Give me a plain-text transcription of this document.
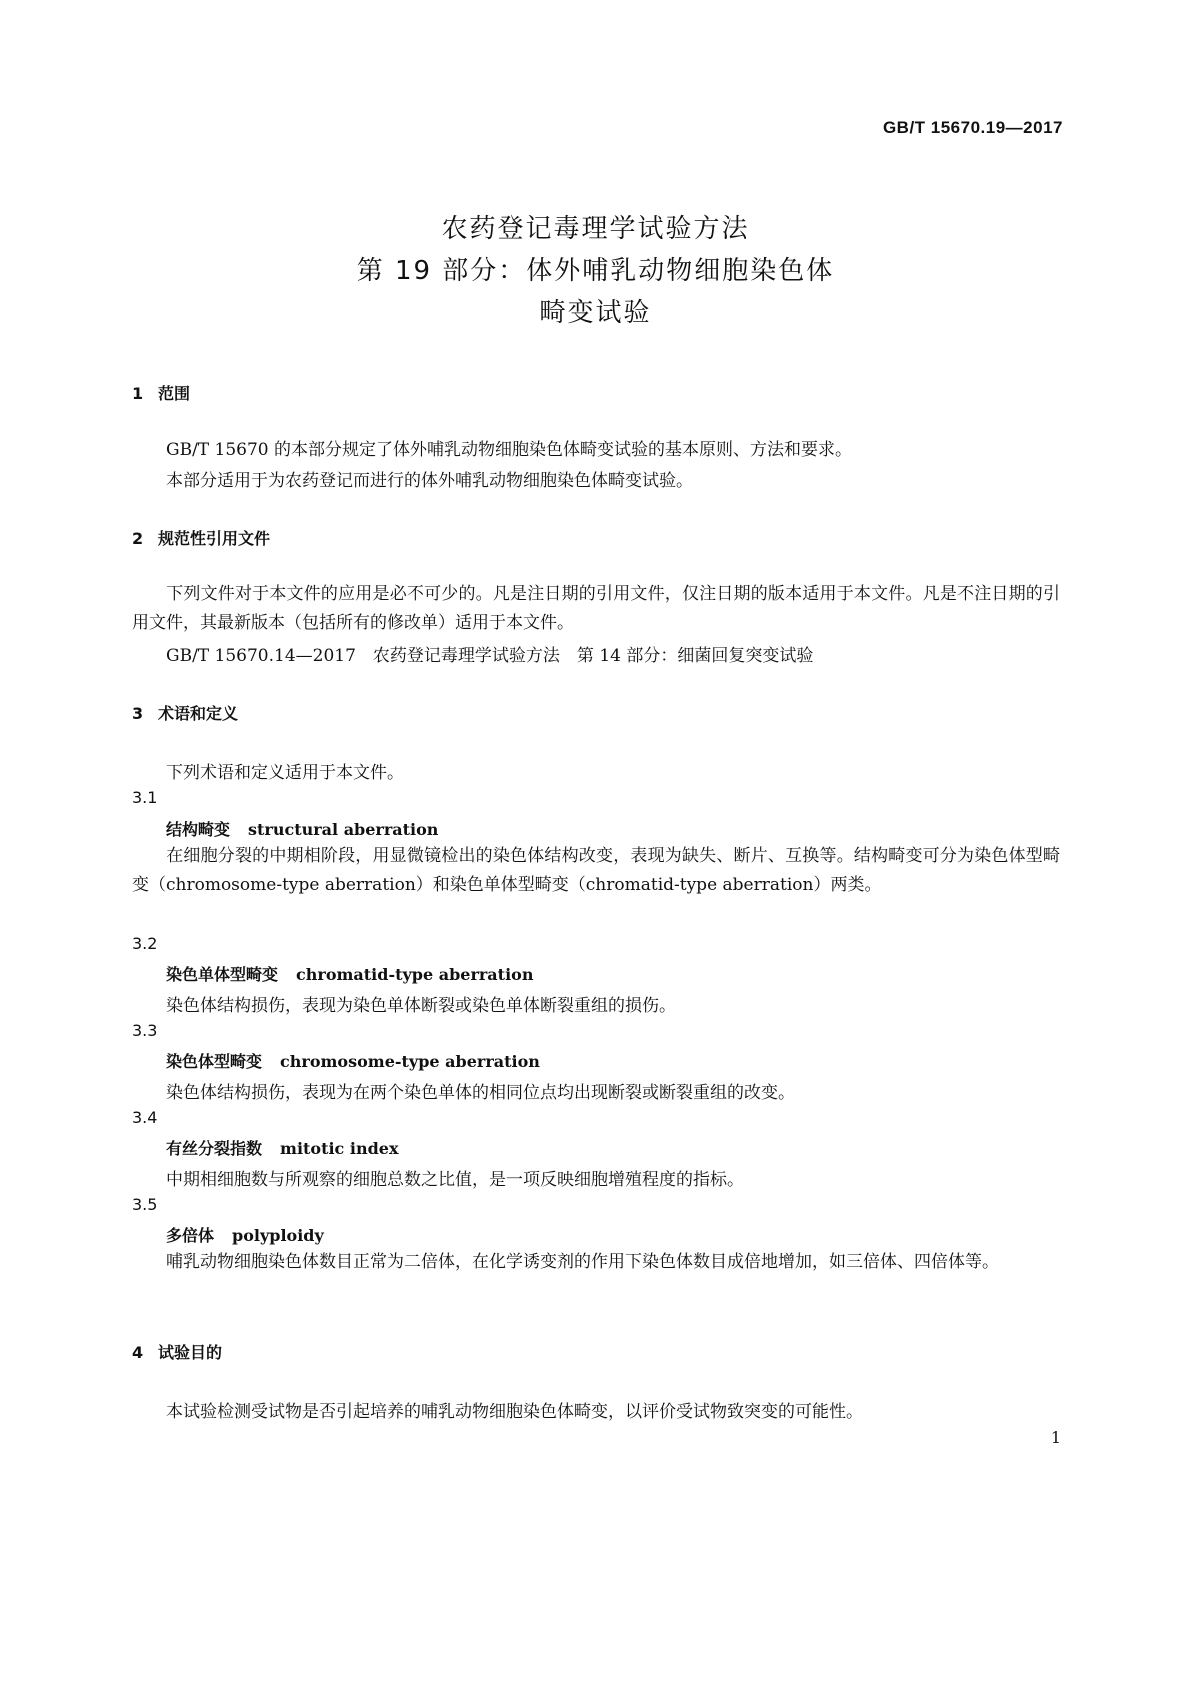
GB/T 15670.19—2017
农药登记毒理学试验方法
第 19 部分：体外哺乳动物细胞染色体
畸变试验
1 范围
GB/T 15670 的本部分规定了体外哺乳动物细胞染色体畸变试验的基本原则、方法和要求。
本部分适用于为农药登记而进行的体外哺乳动物细胞染色体畸变试验。
2 规范性引用文件
下列文件对于本文件的应用是必不可少的。凡是注日期的引用文件，仅注日期的版本适用于本文件。凡是不注日期的引用文件，其最新版本（包括所有的修改单）适用于本文件。
GB/T 15670.14—2017　农药登记毒理学试验方法　第 14 部分：细菌回复突变试验
3 术语和定义
下列术语和定义适用于本文件。
3.1
结构畸变 structural aberration
在细胞分裂的中期相阶段，用显微镜检出的染色体结构改变，表现为缺失、断片、互换等。结构畸变可分为染色体型畸变（chromosome-type aberration）和染色单体型畸变（chromatid-type aberration）两类。
3.2
染色单体型畸变 chromatid-type aberration
染色体结构损伤，表现为染色单体断裂或染色单体断裂重组的损伤。
3.3
染色体型畸变 chromosome-type aberration
染色体结构损伤，表现为在两个染色单体的相同位点均出现断裂或断裂重组的改变。
3.4
有丝分裂指数 mitotic index
中期相细胞数与所观察的细胞总数之比值，是一项反映细胞增殖程度的指标。
3.5
多倍体 polyploidy
哺乳动物细胞染色体数目正常为二倍体，在化学诱变剂的作用下染色体数目成倍地增加，如三倍体、四倍体等。
4 试验目的
本试验检测受试物是否引起培养的哺乳动物细胞染色体畸变，以评价受试物致突变的可能性。
1
